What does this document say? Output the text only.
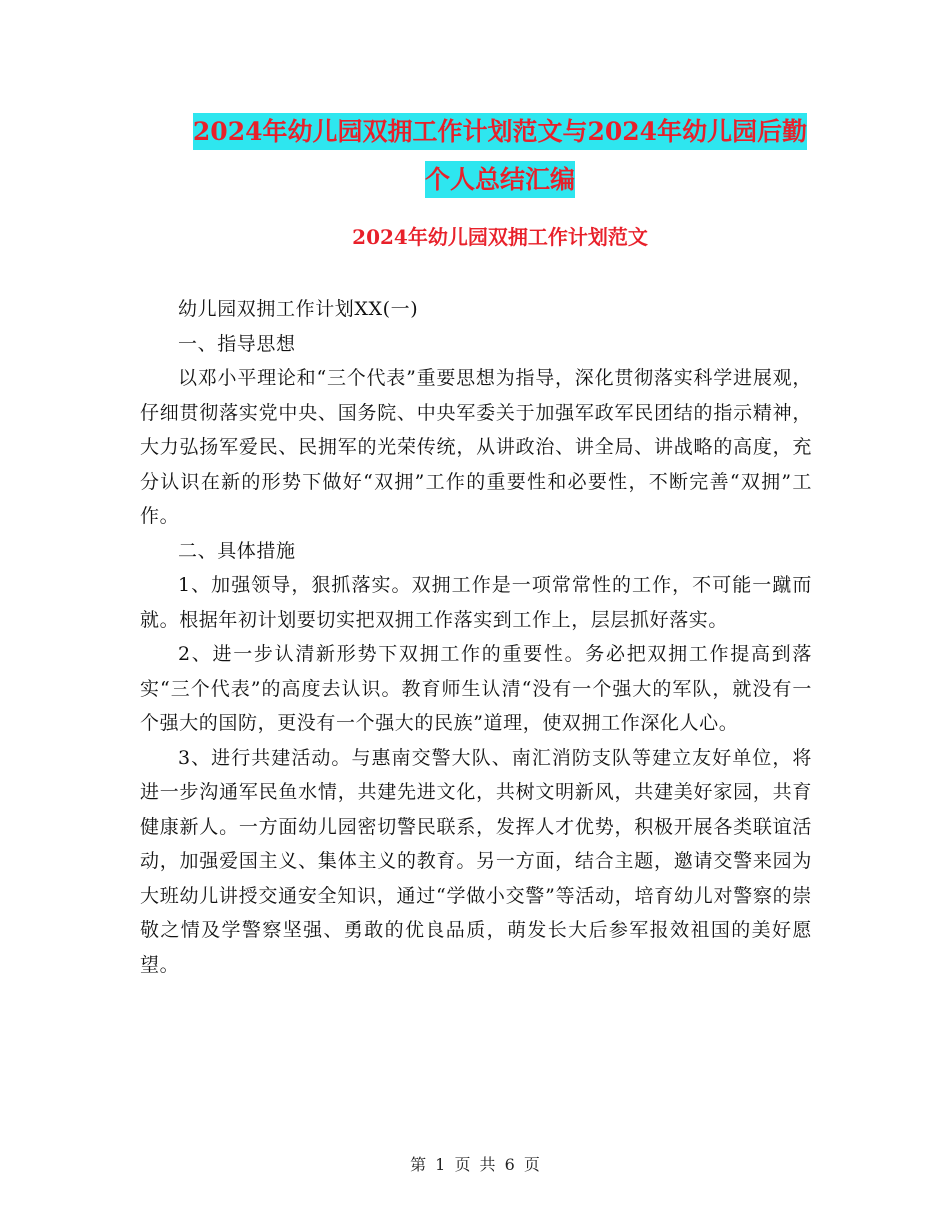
2024年幼儿园双拥工作计划范文与2024年幼儿园后勤
个人总结汇编
2024年幼儿园双拥工作计划范文

幼儿园双拥工作计划XX(一)

一、指导思想

以邓小平理论和“三个代表”重要思想为指导，深化贯彻落实科学进展观，仔细贯彻落实党中央、国务院、中央军委关于加强军政军民团结的指示精神，大力弘扬军爱民、民拥军的光荣传统，从讲政治、讲全局、讲战略的高度，充分认识在新的形势下做好“双拥”工作的重要性和必要性，不断完善“双拥”工作。

二、具体措施

1、加强领导，狠抓落实。双拥工作是一项常常性的工作，不可能一蹴而就。根据年初计划要切实把双拥工作落实到工作上，层层抓好落实。

2、进一步认清新形势下双拥工作的重要性。务必把双拥工作提高到落实“三个代表”的高度去认识。教育师生认清“没有一个强大的军队，就没有一个强大的国防，更没有一个强大的民族”道理，使双拥工作深化人心。

3、进行共建活动。与惠南交警大队、南汇消防支队等建立友好单位，将进一步沟通军民鱼水情，共建先进文化，共树文明新风，共建美好家园，共育健康新人。一方面幼儿园密切警民联系，发挥人才优势，积极开展各类联谊活动，加强爱国主义、集体主义的教育。另一方面，结合主题，邀请交警来园为大班幼儿讲授交通安全知识，通过“学做小交警”等活动，培育幼儿对警察的崇敬之情及学警察坚强、勇敢的优良品质，萌发长大后参军报效祖国的美好愿望。

第 1 页 共 6 页
